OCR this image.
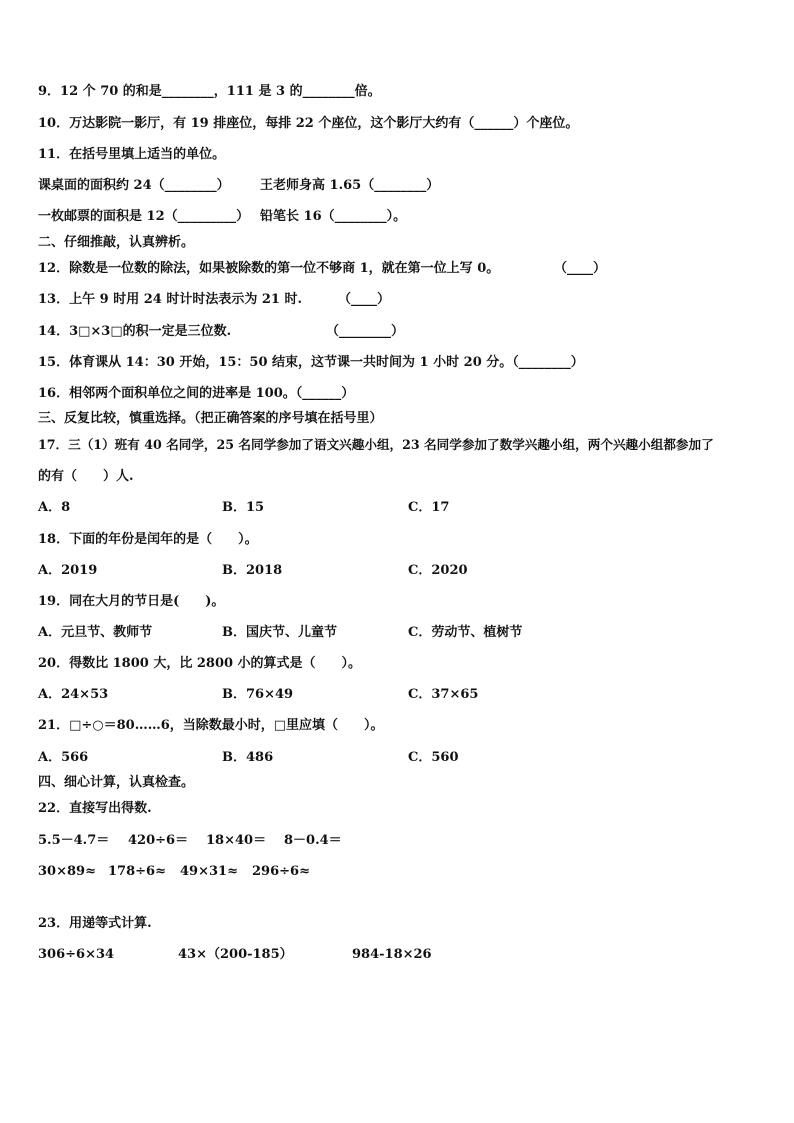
9．12 个 70 的和是________，111 是 3 的________倍。
10．万达影院一影厅，有 19 排座位，每排 22 个座位，这个影厅大约有（______）个座位。
11．在括号里填上适当的单位。
课桌面的面积约 24（________） 王老师身高 1.65（________）
一枚邮票的面积是 12（_________） 铅笔长 16（________）。
二、仔细推敲，认真辨析。
12．除数是一位数的除法，如果被除数的第一位不够商 1，就在第一位上写 0。	（____）
13．上午 9 时用 24 时计时法表示为 21 时.	（____）
14．3□×3□的积一定是三位数.	（________）
15．体育课从 14：30 开始，15：50 结束，这节课一共时间为 1 小时 20 分。（________）
16．相邻两个面积单位之间的进率是 100。（______）
三、反复比较，慎重选择。（把正确答案的序号填在括号里）
17．三（1）班有 40 名同学，25 名同学参加了语文兴趣小组，23 名同学参加了数学兴趣小组，两个兴趣小组都参加了
的有（　　）人.
A．8	B．15	C．17
18．下面的年份是闰年的是（　　）。
A．2019	B．2018	C．2020
19．同在大月的节日是(　　)。
A．元旦节、教师节	B．国庆节、儿童节	C．劳动节、植树节
20．得数比 1800 大，比 2800 小的算式是（　　）。
A．24×53	B．76×49	C．37×65
21．□÷○＝80……6，当除数最小时，□里应填（　　）。
A．566	B．486	C．560
四、细心计算，认真检查。
22．直接写出得数.
5.5－4.7＝ 420÷6＝ 18×40＝ 8－0.4＝
30×89≈ 178÷6≈ 49×31≈ 296÷6≈
23．用递等式计算.
306÷6×34	43×（200-185）	984-18×26
